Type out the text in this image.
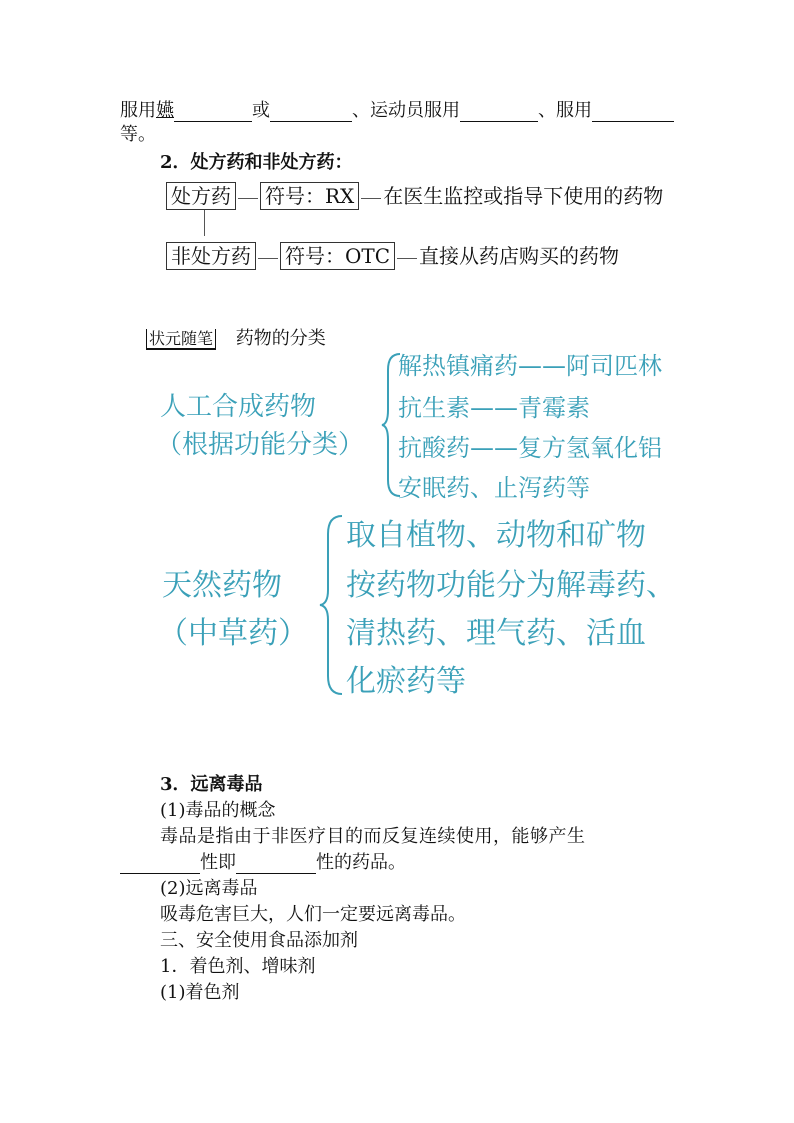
服用嬿	或	、运动员服用	、服用
等。
2．处方药和非处方药：
处方药 符号：RX 在医生监控或指导下使用的药物
非处方药 符号：OTC 直接从药店购买的药物
状元随笔 药物的分类
人工合成药物
（根据功能分类）
解热镇痛药——阿司匹林
抗生素——青霉素
抗酸药——复方氢氧化铝
安眠药、止泻药等
天然药物
（中草药）
取自植物、动物和矿物
按药物功能分为解毒药、
清热药、理气药、活血
化瘀药等
3．远离毒品
(1)毒品的概念
毒品是指由于非医疗目的而反复连续使用，能够产生
性即	性的药品。
(2)远离毒品
吸毒危害巨大，人们一定要远离毒品。
三、安全使用食品添加剂
1．着色剂、增味剂
(1)着色剂
